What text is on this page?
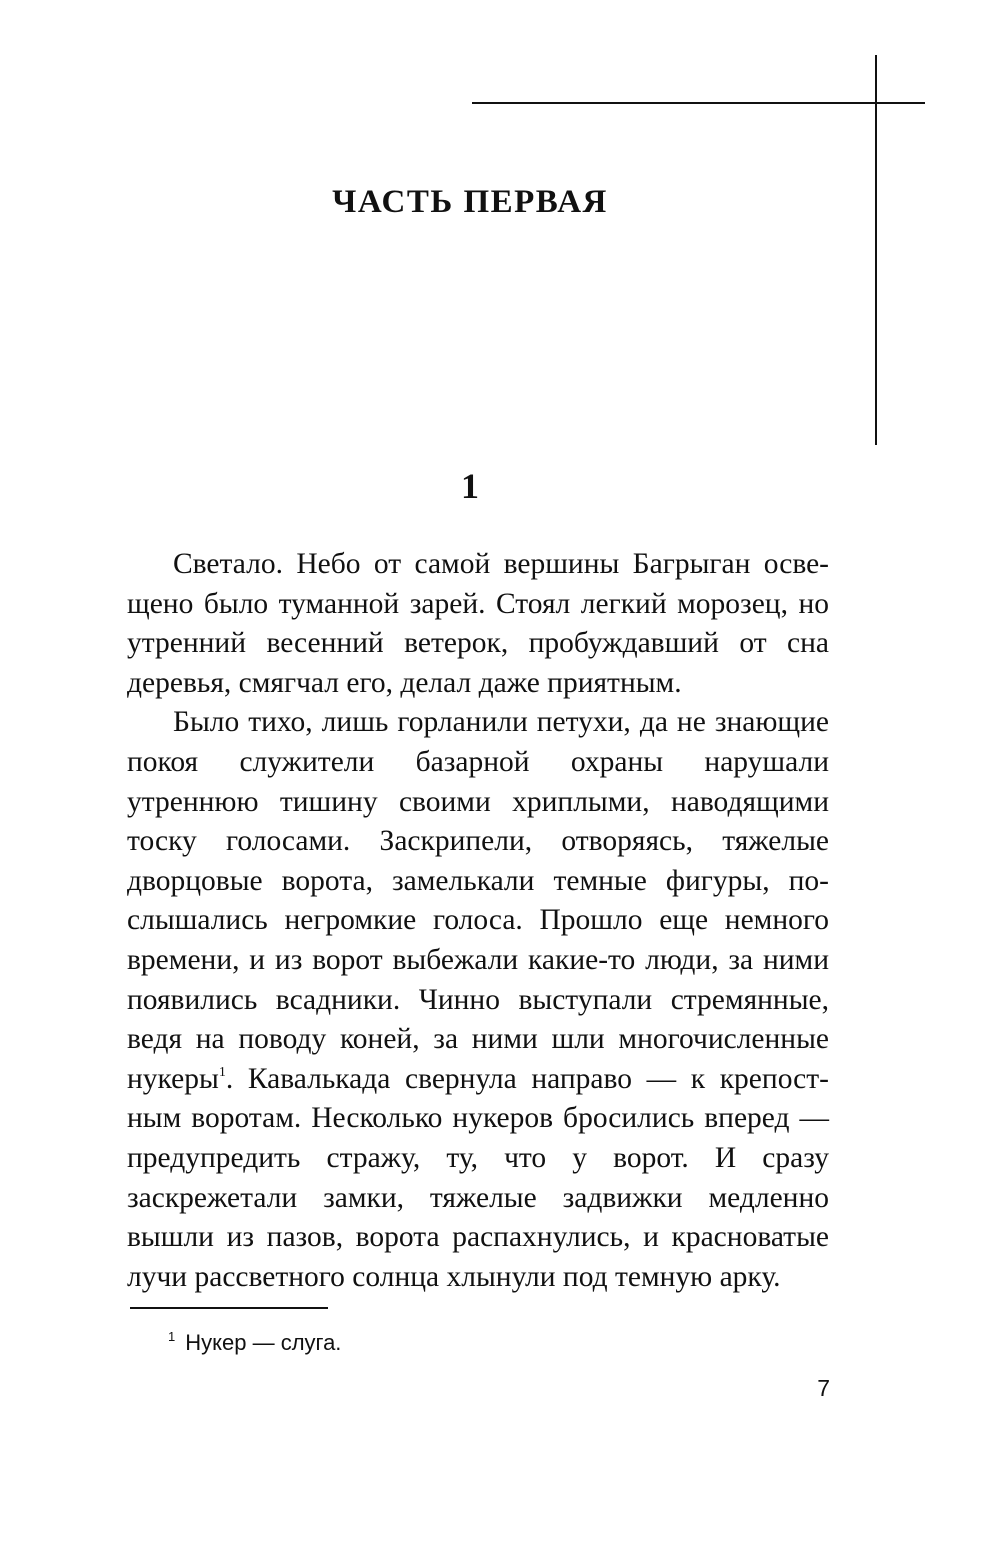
ЧАСТЬ ПЕРВАЯ
1

Светало. Небо от самой вершины Багрыган освещено было туманной зарей. Стоял легкий морозец, но утренний весенний ветерок, пробуждавший от сна деревья, смягчал его, делал даже приятным.

Было тихо, лишь горланили петухи, да не знающие покоя служители базарной охраны нарушали утреннюю тишину своими хриплыми, наводящими тоску голосами. Заскрипели, отворяясь, тяжелые дворцовые ворота, замелькали темные фигуры, послышались негромкие голоса. Прошло еще немного времени, и из ворот выбежали какие-то люди, за ними появились всадники. Чинно выступали стремянные, ведя на поводу коней, за ними шли многочисленные нукеры$^1$. Кавалькада свернула направо — к крепостным воротам. Несколько нукеров бросились вперед — предупредить стражу, ту, что у ворот. И сразу заскрежетали замки, тяжелые задвижки медленно вышли из пазов, ворота распахнулись, и красноватые лучи рассветного солнца хлынули под темную арку.

$^1$ Нукер — слуга.

7
